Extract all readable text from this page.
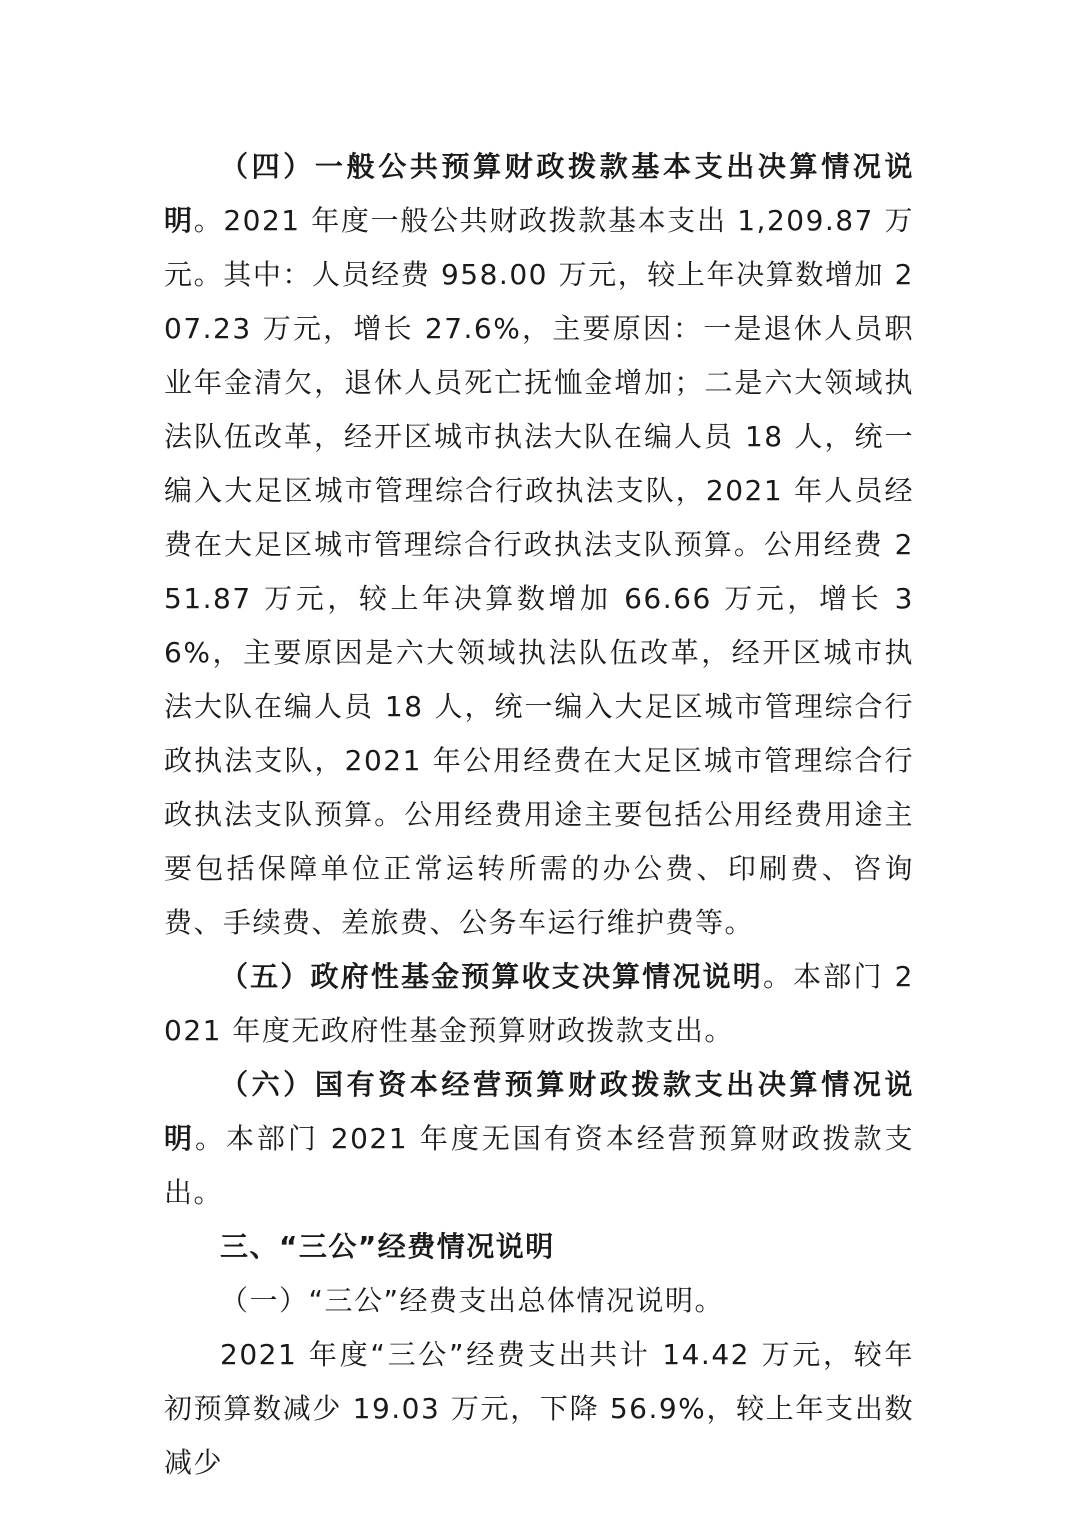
（四）一般公共预算财政拨款基本支出决算情况说明。2021 年度一般公共财政拨款基本支出 1,209.87 万元。其中：人员经费 958.00 万元，较上年决算数增加 207.23 万元，增长 27.6%，主要原因：一是退休人员职业年金清欠，退休人员死亡抚恤金增加；二是六大领域执法队伍改革，经开区城市执法大队在编人员 18 人，统一编入大足区城市管理综合行政执法支队，2021 年人员经费在大足区城市管理综合行政执法支队预算。公用经费 251.87 万元，较上年决算数增加 66.66 万元，增长 36%，主要原因是六大领域执法队伍改革，经开区城市执法大队在编人员 18 人，统一编入大足区城市管理综合行政执法支队，2021 年公用经费在大足区城市管理综合行政执法支队预算。公用经费用途主要包括公用经费用途主要包括保障单位正常运转所需的办公费、印刷费、咨询费、手续费、差旅费、公务车运行维护费等。

（五）政府性基金预算收支决算情况说明。本部门 2021 年度无政府性基金预算财政拨款支出。

（六）国有资本经营预算财政拨款支出决算情况说明。本部门 2021 年度无国有资本经营预算财政拨款支出。

三、“三公”经费情况说明

（一）“三公”经费支出总体情况说明。

2021 年度“三公”经费支出共计 14.42 万元，较年初预算数减少 19.03 万元，下降 56.9%，较上年支出数减少
